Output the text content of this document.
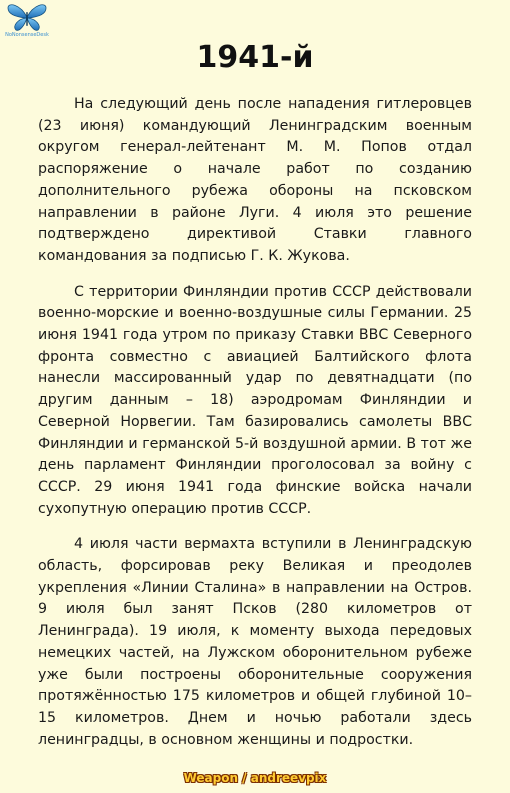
NoNonsenseDesk
1941-й

На следующий день после нападения гитлеровцев (23 июня) командующий Ленинградским военным округом генерал-лейтенант М. М. Попов отдал распоряжение о начале работ по созданию дополнительного рубежа обороны на псковском направлении в районе Луги. 4 июля это решение подтверждено директивой Ставки главного командования за подписью Г. К. Жукова.

С территории Финляндии против СССР действовали военно-морские и военно-воздушные силы Германии. 25 июня 1941 года утром по приказу Ставки ВВС Северного фронта совместно с авиацией Балтийского флота нанесли массированный удар по девятнадцати (по другим данным – 18) аэродромам Финляндии и Северной Норвегии. Там базировались самолеты ВВС Финляндии и германской 5-й воздушной армии. В тот же день парламент Финляндии проголосовал за войну с СССР. 29 июня 1941 года финские войска начали сухопутную операцию против СССР.

4 июля части вермахта вступили в Ленинградскую область, форсировав реку Великая и преодолев укрепления «Линии Сталина» в направлении на Остров. 9 июля был занят Псков (280 километров от Ленинграда). 19 июля, к моменту выхода передовых немецких частей, на Лужском оборонительном рубеже уже были построены оборонительные сооружения протяжённостью 175 километров и общей глубиной 10–15 километров. Днем и ночью работали здесь ленинградцы, в основном женщины и подростки.

Weapon / andreevpix
